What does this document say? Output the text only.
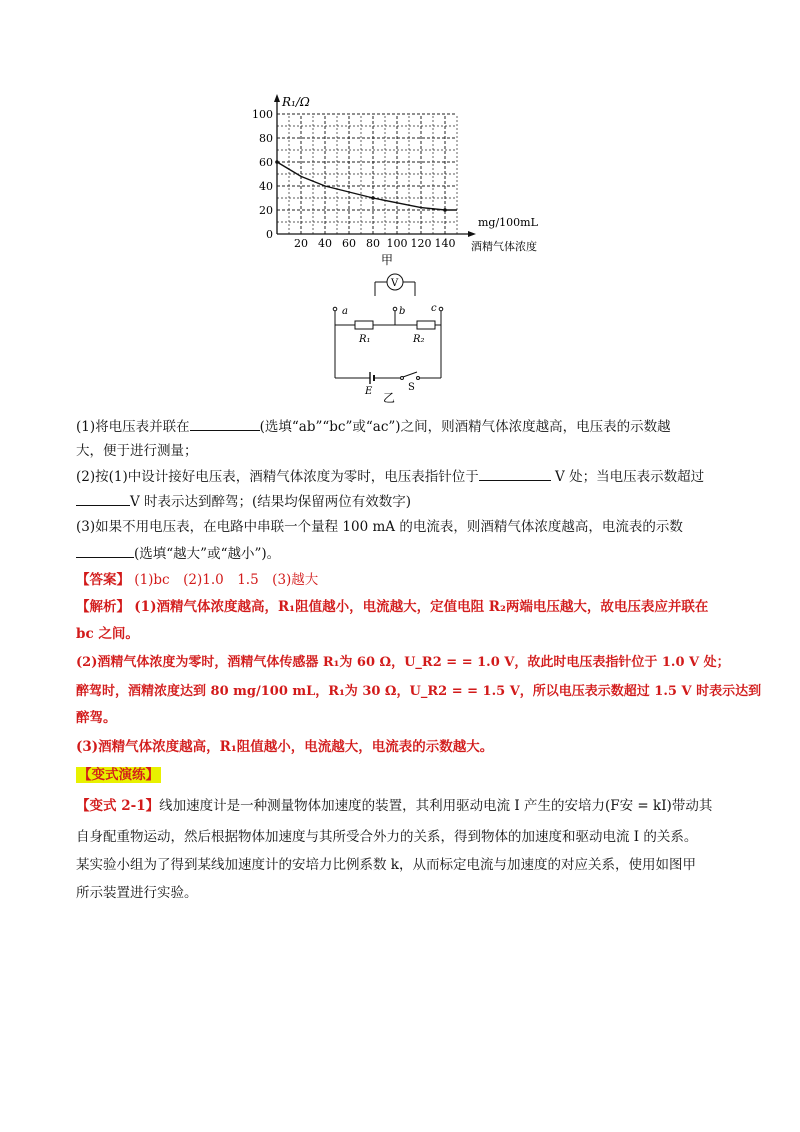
100
80
60
40
20
0
20 40 60 80 100 120 140
R₁/Ω
mg/100mL
酒精气体浓度
甲
V
a	b	c
R₁	R₂
E	S
乙
(1)将电压表并联在	(选填“ab”“bc”或“ac”)之间，则酒精气体浓度越高，电压表的示数越
大，便于进行测量；
(2)按(1)中设计接好电压表，酒精气体浓度为零时，电压表指针位于	V 处；当电压表示数超过
V 时表示达到醉驾；(结果均保留两位有效数字)
(3)如果不用电压表，在电路中串联一个量程 100 mA 的电流表，则酒精气体浓度越高，电流表的示数
(选填“越大”或“越小”)。
【答案】 (1)bc　(2)1.0　1.5　(3)越大
【解析】 (1)酒精气体浓度越高，R₁阻值越小，电流越大，定值电阻 R₂两端电压越大，故电压表应并联在
bc 之间。
(2)酒精气体浓度为零时，酒精气体传感器 R₁为 60 Ω，U_R2 = = 1.0 V，故此时电压表指针位于 1.0 V 处；
醉驾时，酒精浓度达到 80 mg/100 mL，R₁为 30 Ω，U_R2 = = 1.5 V，所以电压表示数超过 1.5 V 时表示达到
醉驾。
(3)酒精气体浓度越高，R₁阻值越小，电流越大，电流表的示数越大。
【变式演练】
【变式 2-1】线加速度计是一种测量物体加速度的装置，其利用驱动电流 I 产生的安培力(F安 = kI)带动其
自身配重物运动，然后根据物体加速度与其所受合外力的关系，得到物体的加速度和驱动电流 I 的关系。
某实验小组为了得到某线加速度计的安培力比例系数 k，从而标定电流与加速度的对应关系，使用如图甲
所示装置进行实验。
